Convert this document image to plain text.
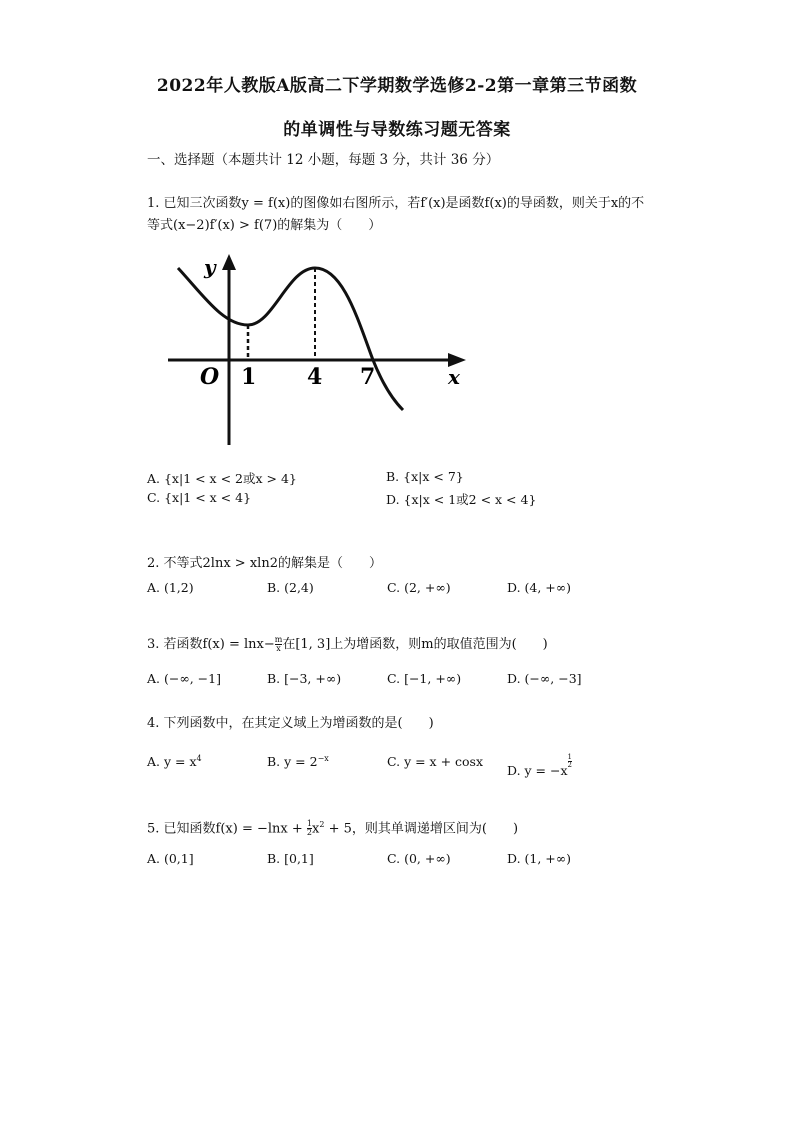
2022年人教版A版高二下学期数学选修2-2第一章第三节函数
的单调性与导数练习题无答案
一、选择题（本题共计 12 小题，每题 3 分，共计 36 分）
1. 已知三次函数y = f(x)的图像如右图所示，若f′(x)是函数f(x)的导函数，则关于x的不
等式(x−2)f′(x) > f(7)的解集为（　　）
y
O 1 4 7	x
A. {x|1 < x < 2或x > 4}	B. {x|x < 7}
C. {x|1 < x < 4}	D. {x|x < 1或2 < x < 4}
2. 不等式2lnx > xln2的解集是（　　）
A. (1,2)	B. (2,4)	C. (2, +∞)	D. (4, +∞)
3. 若函数$f(x) = \ln x- \frac{m}{x}$ 在[1, 3]上为增函数，则m的取值范围为(　　)
A. (−∞, −1]	B. [−3, +∞)	C. [−1, +∞)	D. (−∞, −3]
4. 下列函数中，在其定义域上为增函数的是(　　)
A. $y = x^4$	B. $y = 2^{-x}$	C. y = x + cosx
D. y = −x
$\frac{1}{2}$
5. 已知函数$f(x) = -\ln x + \frac{1}{2} x^2 + 5$，则其单调递增区间为(　　)
A. (0,1]	B. [0,1]	C. (0, +∞)	D. (1, +∞)
